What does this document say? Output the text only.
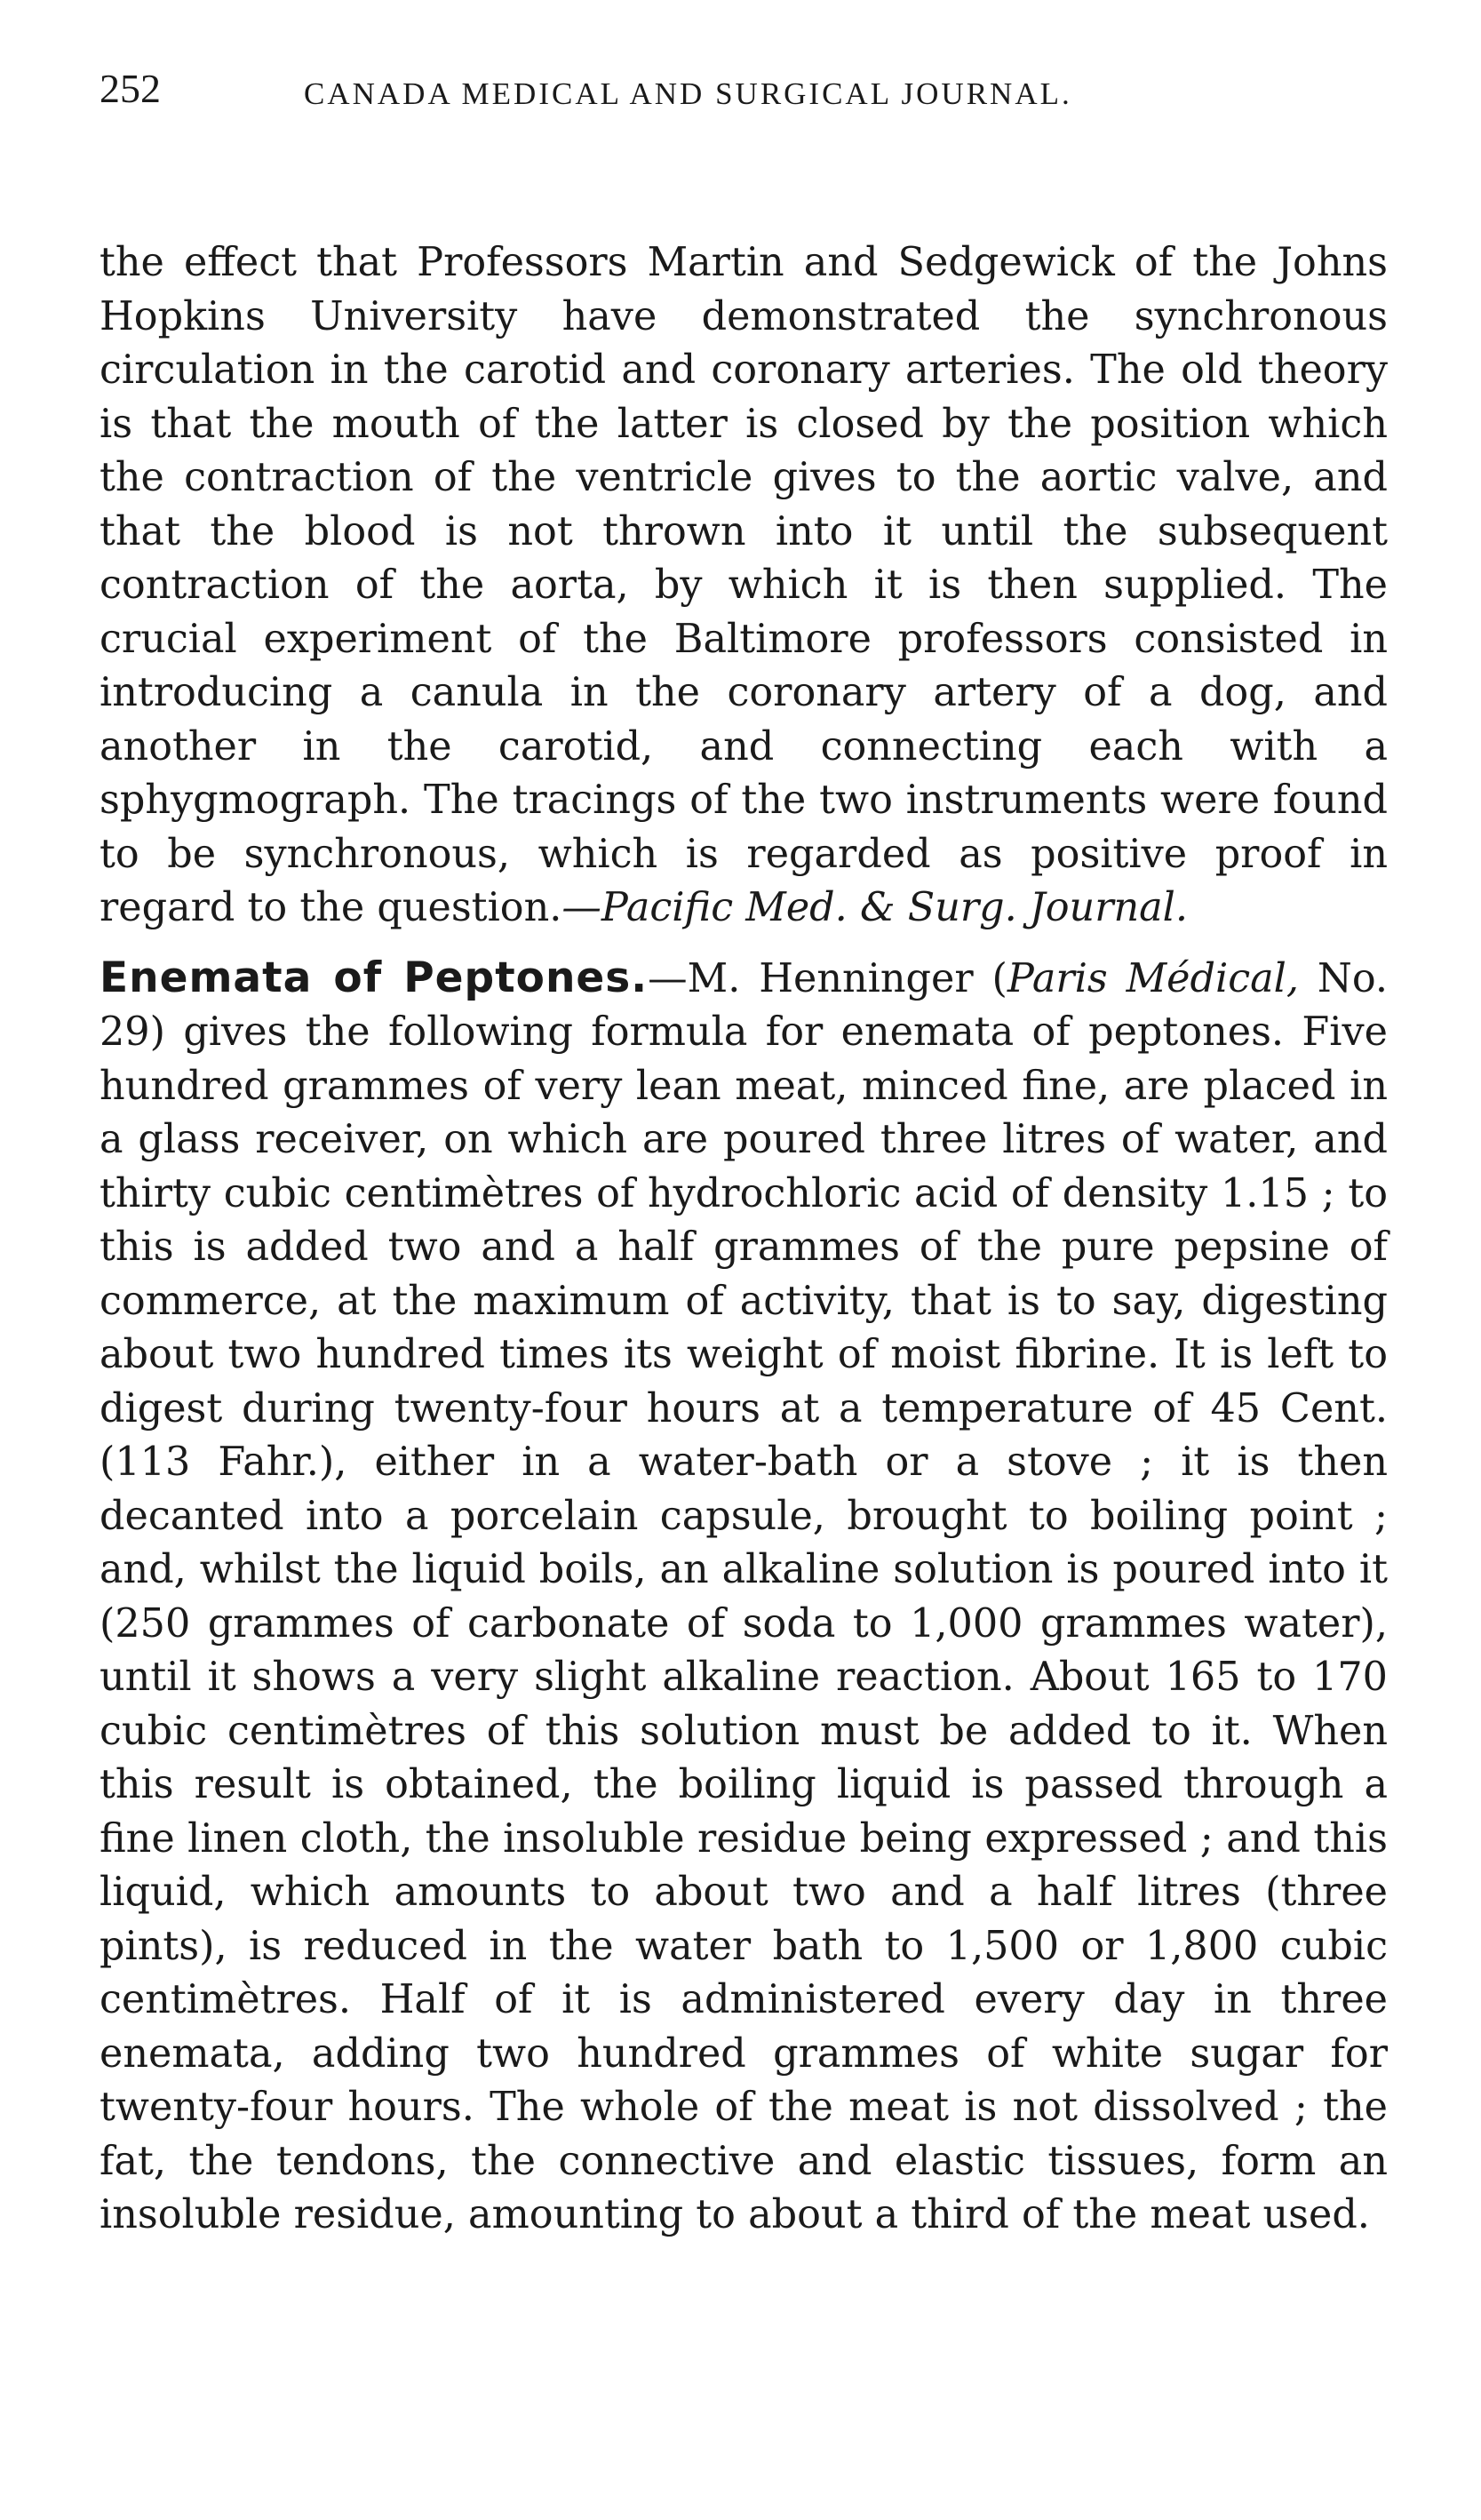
252	CANADA MEDICAL AND SURGICAL JOURNAL.

the effect that Professors Martin and Sedgewick of the Johns Hopkins University have demonstrated the synchronous circulation in the carotid and coronary arteries. The old theory is that the mouth of the latter is closed by the position which the contraction of the ventricle gives to the aortic valve, and that the blood is not thrown into it until the subsequent contraction of the aorta, by which it is then supplied. The crucial experiment of the Baltimore professors consisted in introducing a canula in the coronary artery of a dog, and another in the carotid, and connecting each with a sphygmograph. The tracings of the two instruments were found to be synchronous, which is regarded as positive proof in regard to the question.—Pacific Med. & Surg. Journal.

Enemata of Peptones.—M. Henninger (Paris Médical, No. 29) gives the following formula for enemata of peptones. Five hundred grammes of very lean meat, minced fine, are placed in a glass receiver, on which are poured three litres of water, and thirty cubic centimètres of hydrochloric acid of density 1.15 ; to this is added two and a half grammes of the pure pepsine of commerce, at the maximum of activity, that is to say, digesting about two hundred times its weight of moist fibrine. It is left to digest during twenty-four hours at a temperature of 45 Cent. (113 Fahr.), either in a water-bath or a stove ; it is then decanted into a porcelain capsule, brought to boiling point ; and, whilst the liquid boils, an alkaline solution is poured into it (250 grammes of carbonate of soda to 1,000 grammes water), until it shows a very slight alkaline reaction. About 165 to 170 cubic centimètres of this solution must be added to it. When this result is obtained, the boiling liquid is passed through a fine linen cloth, the insoluble residue being expressed ; and this liquid, which amounts to about two and a half litres (three pints), is reduced in the water bath to 1,500 or 1,800 cubic centimètres. Half of it is administered every day in three enemata, adding two hundred grammes of white sugar for twenty-four hours. The whole of the meat is not dissolved ; the fat, the tendons, the connective and elastic tissues, form an insoluble residue, amounting to about a third of the meat used.
